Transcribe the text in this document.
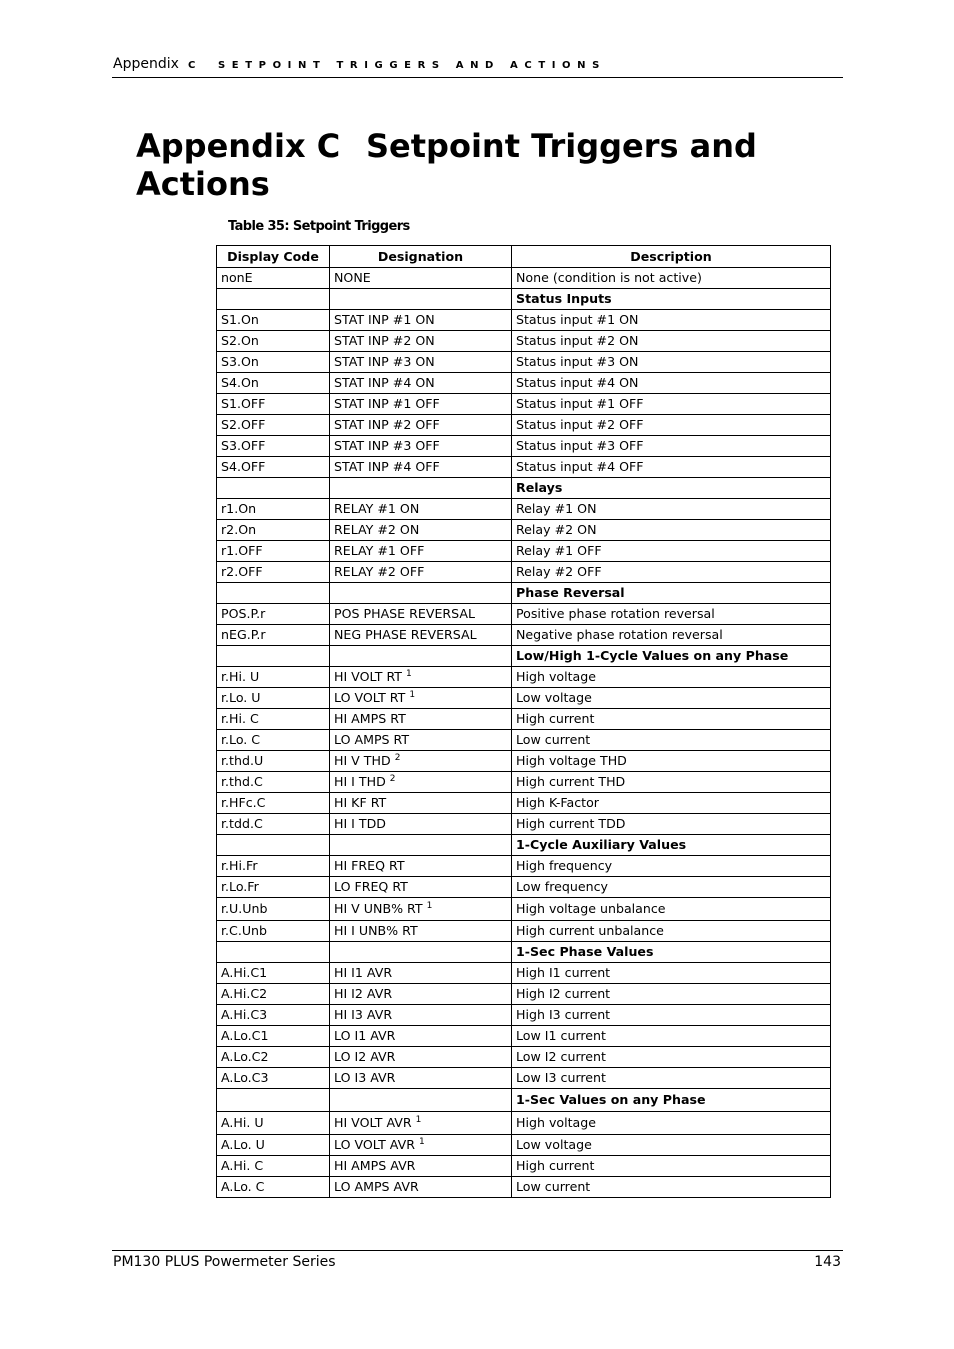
Appendix C SETPOINT TRIGGERS AND ACTIONS
Appendix C Setpoint Triggers and Actions
Table 35: Setpoint Triggers
Display Code	Designation	Description
nonE	NONE	None (condition is not active)
		Status Inputs
S1.On	STAT INP #1 ON	Status input #1 ON
S2.On	STAT INP #2 ON	Status input #2 ON
S3.On	STAT INP #3 ON	Status input #3 ON
S4.On	STAT INP #4 ON	Status input #4 ON
S1.OFF	STAT INP #1 OFF	Status input #1 OFF
S2.OFF	STAT INP #2 OFF	Status input #2 OFF
S3.OFF	STAT INP #3 OFF	Status input #3 OFF
S4.OFF	STAT INP #4 OFF	Status input #4 OFF
		Relays
r1.On	RELAY #1 ON	Relay #1 ON
r2.On	RELAY #2 ON	Relay #2 ON
r1.OFF	RELAY #1 OFF	Relay #1 OFF
r2.OFF	RELAY #2 OFF	Relay #2 OFF
		Phase Reversal
POS.P.r	POS PHASE REVERSAL	Positive phase rotation reversal
nEG.P.r	NEG PHASE REVERSAL	Negative phase rotation reversal
		Low/High 1-Cycle Values on any Phase
r.Hi. U	HI VOLT RT $^1$	High voltage
r.Lo. U	LO VOLT RT $^1$	Low voltage
r.Hi. C	HI AMPS RT	High current
r.Lo. C	LO AMPS RT	Low current
r.thd.U	HI V THD $^2$	High voltage THD
r.thd.C	HI I THD $^2$	High current THD
r.HFc.C	HI KF RT	High K-Factor
r.tdd.C	HI I TDD	High current TDD
		1-Cycle Auxiliary Values
r.Hi.Fr	HI FREQ RT	High frequency
r.Lo.Fr	LO FREQ RT	Low frequency
r.U.Unb	HI V UNB% RT $^1$	High voltage unbalance
r.C.Unb	HI I UNB% RT	High current unbalance
		1-Sec Phase Values
A.Hi.C1	HI I1 AVR	High I1 current
A.Hi.C2	HI I2 AVR	High I2 current
A.Hi.C3	HI I3 AVR	High I3 current
A.Lo.C1	LO I1 AVR	Low I1 current
A.Lo.C2	LO I2 AVR	Low I2 current
A.Lo.C3	LO I3 AVR	Low I3 current
		1-Sec Values on any Phase
A.Hi. U	HI VOLT AVR $^1$	High voltage
A.Lo. U	LO VOLT AVR $^1$	Low voltage
A.Hi. C	HI AMPS AVR	High current
A.Lo. C	LO AMPS AVR	Low current
PM130 PLUS Powermeter Series	143
